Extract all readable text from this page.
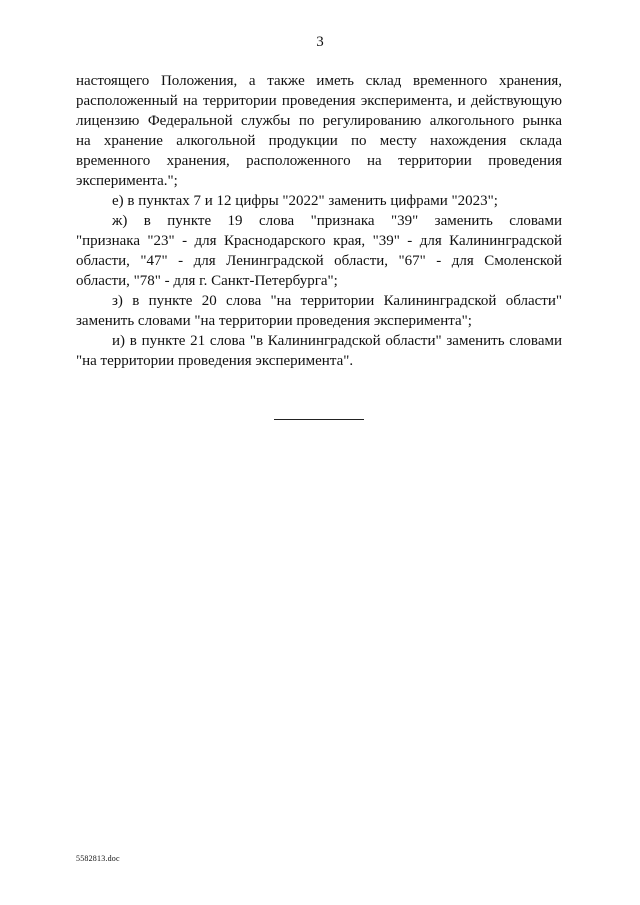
3
настоящего Положения, а также иметь склад временного хранения,
расположенный на территории проведения эксперимента, и действующую
лицензию Федеральной службы по регулированию алкогольного рынка
на хранение алкогольной продукции по месту нахождения склада
временного хранения, расположенного на территории проведения
эксперимента.";
е) в пунктах 7 и 12 цифры "2022" заменить цифрами "2023";
ж) в пункте 19 слова "признака "39" заменить словами
"признака "23" - для Краснодарского края, "39" - для Калининградской
области, "47" - для Ленинградской области, "67" - для Смоленской
области, "78" - для г. Санкт-Петербурга";
з) в пункте 20 слова "на территории Калининградской области"
заменить словами "на территории проведения эксперимента";
и) в пункте 21 слова "в Калининградской области" заменить словами
"на территории проведения эксперимента".
5582813.doc
